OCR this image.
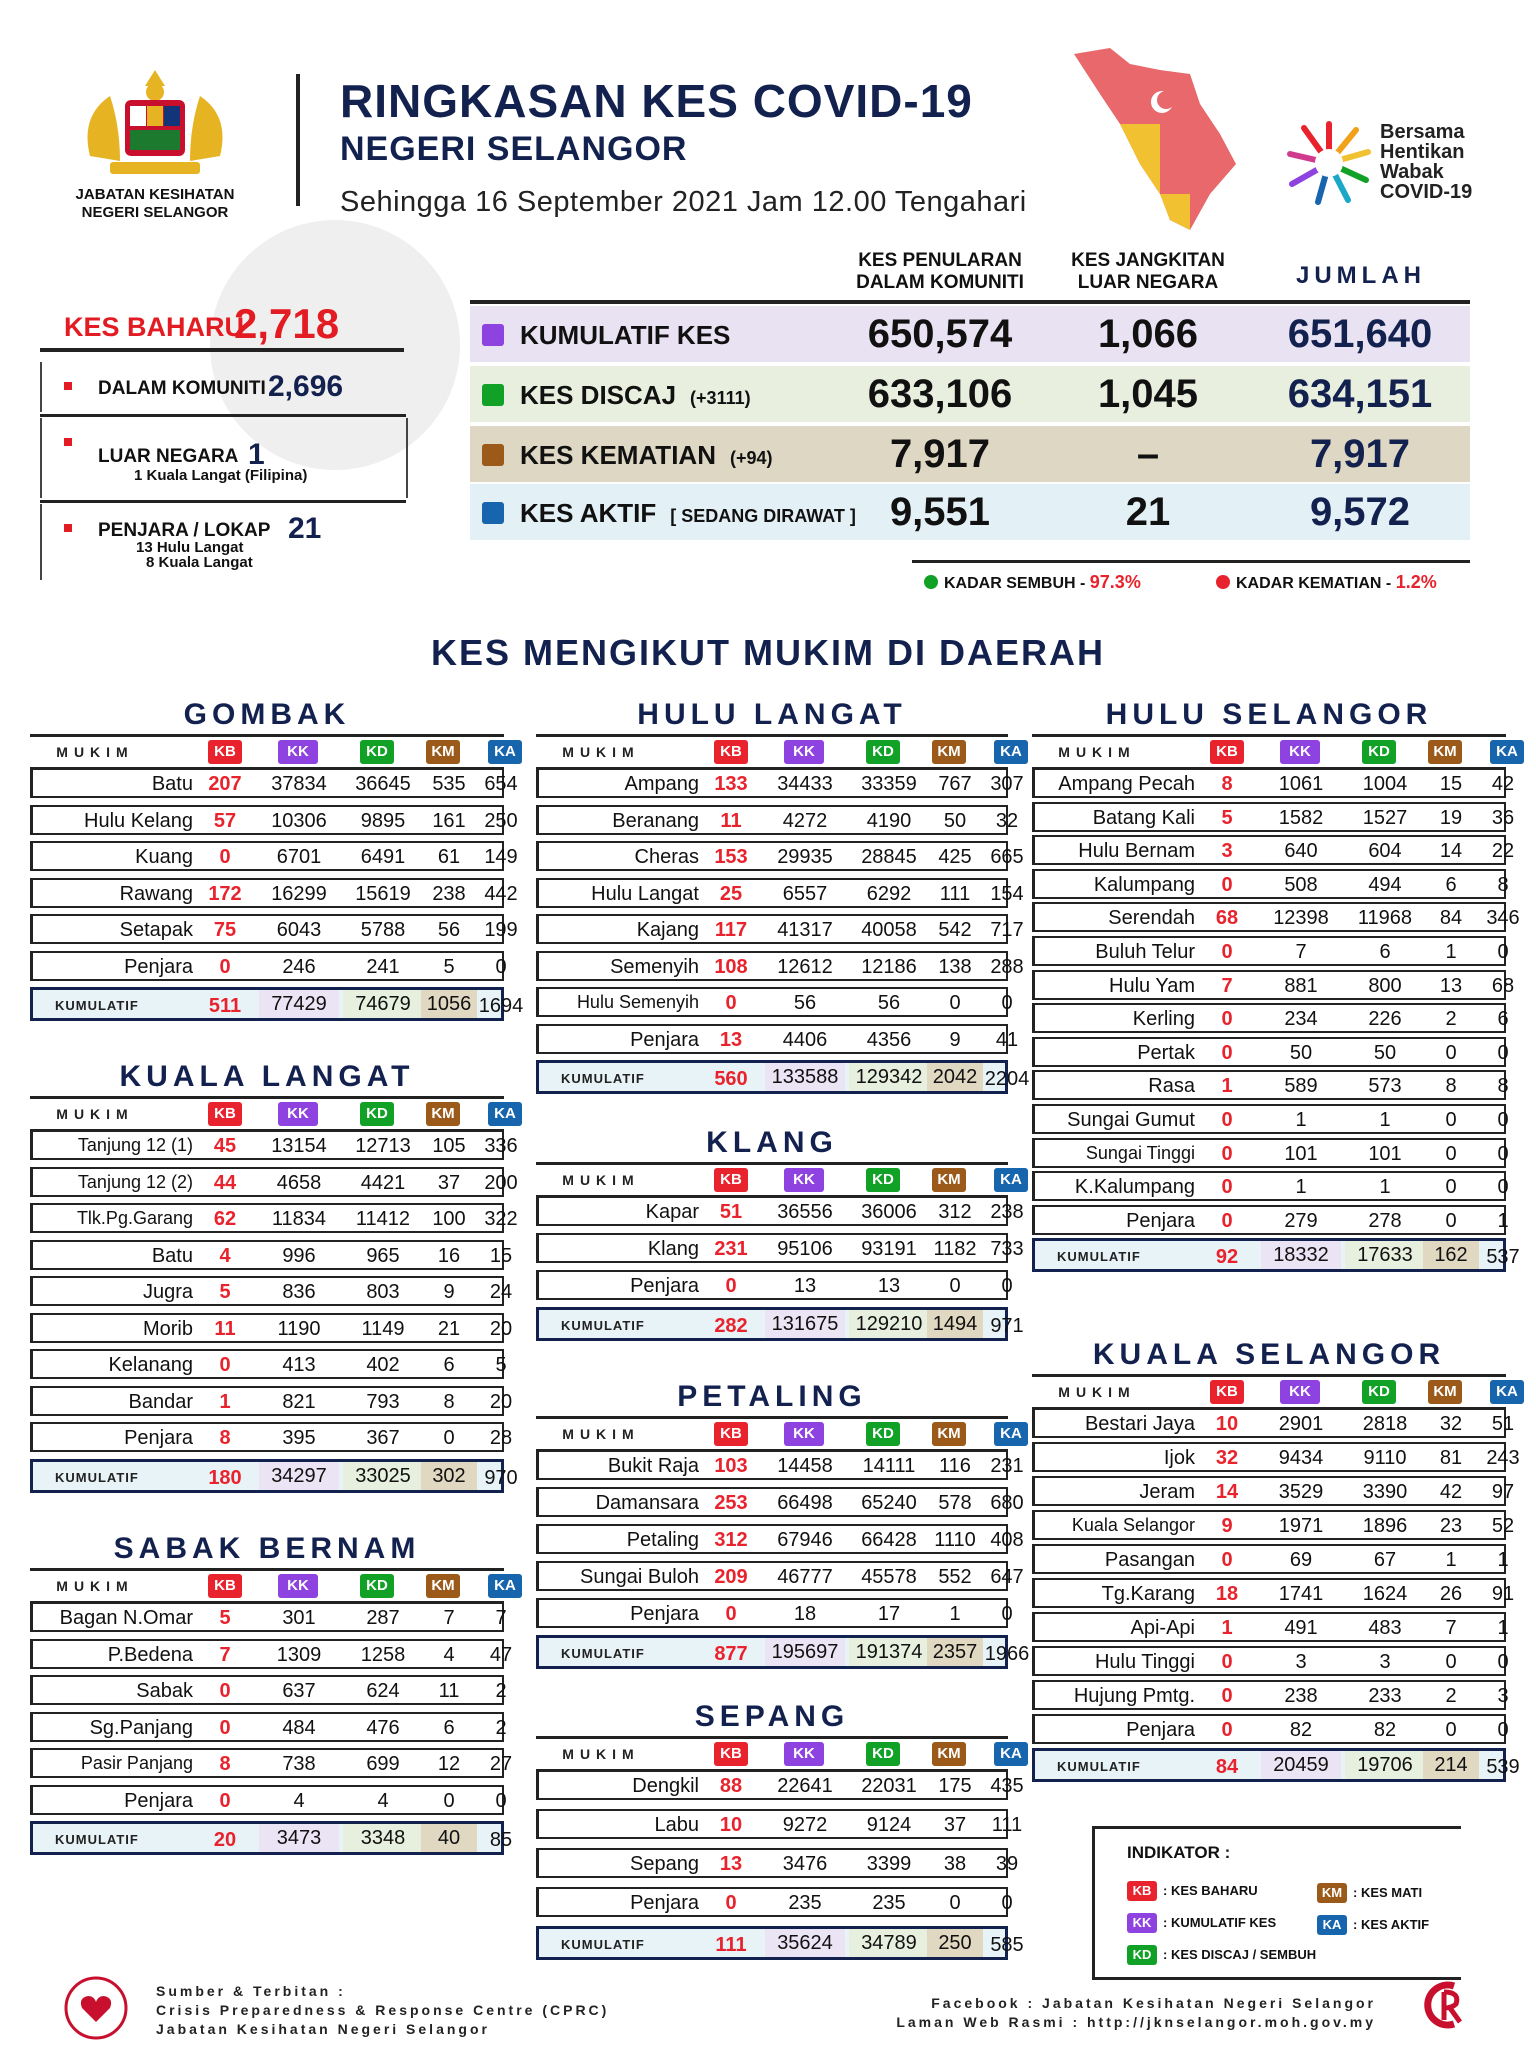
JABATAN KESIHATAN
NEGERI SELANGOR
RINGKASAN KES COVID-19
NEGERI SELANGOR
Sehingga 16 September 2021 Jam 12.00 Tengahari
Bersama
Hentikan
Wabak
COVID-19
KES BAHARU
2,718
DALAM KOMUNITI 2,696
LUAR NEGARA 1
1 Kuala Langat (Filipina)
PENJARA / LOKAP 21
13 Hulu Langat
8 Kuala Langat
KES PENULARAN
DALAM KOMUNITI
KES JANGKITAN
LUAR NEGARA	JUMLAH
KUMULATIF KES	650,574	1,066	651,640
KES DISCAJ (+3111)	633,106	1,045	634,151
KES KEMATIAN (+94)	7,917	–	7,917
KES AKTIF [ SEDANG DIRAWAT ] 9,551	21	9,572
KADAR SEMBUH - 97.3%	KADAR KEMATIAN - 1.2%
KES MENGIKUT MUKIM DI DAERAH
GOMBAK
MUKIM	KB	KK	KD	KM	KA
Batu 207	37834	36645	535 654
Hulu Kelang	57	10306	9895	161 250
Kuang	0	6701	6491	61	149
Rawang 172	16299	15619	238 442
Setapak	75	6043	5788	56	199
Penjara	0	246	241	5	0
KUMULATIF	511	77429	74679 1056 1694
KUALA LANGAT
MUKIM	KB	KK	KD	KM	KA
Tanjung 12 (1)	45	13154	12713	105 336
Tanjung 12 (2)	44	4658	4421	37	200
Tlk.Pg.Garang	62	11834	11412	100 322
Batu	4	996	965	16	15
Jugra	5	836	803	9	24
Morib	11	1190	1149	21	20
Kelanang	0	413	402	6	5
Bandar	1	821	793	8	20
Penjara	8	395	367	0	28
KUMULATIF	180	34297	33025	302 970
SABAK BERNAM
MUKIM	KB	KK	KD	KM	KA
Bagan N.Omar	5	301	287	7	7
P.Bedena	7	1309	1258	4	47
Sabak	0	637	624	11	2
Sg.Panjang	0	484	476	6	2
Pasir Panjang	8	738	699	12	27
Penjara	0	4	4	0	0
KUMULATIF	20	3473	3348	40	85
HULU LANGAT
MUKIM	KB	KK	KD	KM	KA
Ampang 133	34433	33359	767 307
Beranang	11	4272	4190	50	32
Cheras 153	29935	28845	425 665
Hulu Langat	25	6557	6292	111	154
Kajang 117	41317	40058	542 717
Semenyih 108	12612	12186	138 288
Hulu Semenyih	0	56	56	0	0
Penjara	13	4406	4356	9	41
KUMULATIF	560	133588 129342 2042 2204
KLANG
MUKIM	KB	KK	KD	KM	KA
Kapar	51	36556	36006	312 238
Klang 231	95106	93191 1182 733
Penjara	0	13	13	0	0
KUMULATIF	282	131675 129210 1494 971
PETALING
MUKIM	KB	KK	KD	KM	KA
Bukit Raja 103	14458	14111	116 231
Damansara 253	66498	65240	578 680
Petaling 312	67946	66428 1110 408
Sungai Buloh 209	46777	45578	552 647
Penjara	0	18	17	1	0
KUMULATIF	877	195697 191374 2357 1966
SEPANG
MUKIM	KB	KK	KD	KM	KA
Dengkil	88	22641	22031	175 435
Labu	10	9272	9124	37	111
Sepang	13	3476	3399	38	39
Penjara	0	235	235	0	0
KUMULATIF	111	35624	34789	250 585
HULU SELANGOR
MUKIM	KB	KK	KD	KM	KA
Ampang Pecah	8	1061	1004	15	42
Batang Kali	5	1582	1527	19	36
Hulu Bernam	3	640	604	14	22
Kalumpang	0	508	494	6	8
Serendah	68	12398	11968	84	346
Buluh Telur	0	7	6	1	0
Hulu Yam	7	881	800	13	68
Kerling	0	234	226	2	6
Pertak	0	50	50	0	0
Rasa	1	589	573	8	8
Sungai Gumut	0	1	1	0	0
Sungai Tinggi	0	101	101	0	0
K.Kalumpang	0	1	1	0	0
Penjara	0	279	278	0	1
KUMULATIF	92	18332	17633	162 537
KUALA SELANGOR
MUKIM	KB	KK	KD	KM	KA
Bestari Jaya	10	2901	2818	32	51
Ijok	32	9434	9110	81	243
Jeram	14	3529	3390	42	97
Kuala Selangor	9	1971	1896	23	52
Pasangan	0	69	67	1	1
Tg.Karang	18	1741	1624	26	91
Api-Api	1	491	483	7	1
Hulu Tinggi	0	3	3	0	0
Hujung Pmtg.	0	238	233	2	3
Penjara	0	82	82	0	0
KUMULATIF	84	20459	19706	214 539
INDIKATOR :
KB : KES BAHARU
KK : KUMULATIF KES
KD : KES DISCAJ / SEMBUH
KM : KES MATI
KA : KES AKTIF
Sumber & Terbitan :
Crisis Preparedness & Response Centre (CPRC)
Jabatan Kesihatan Negeri Selangor
Facebook : Jabatan Kesihatan Negeri Selangor
Laman Web Rasmi : http://jknselangor.moh.gov.my
